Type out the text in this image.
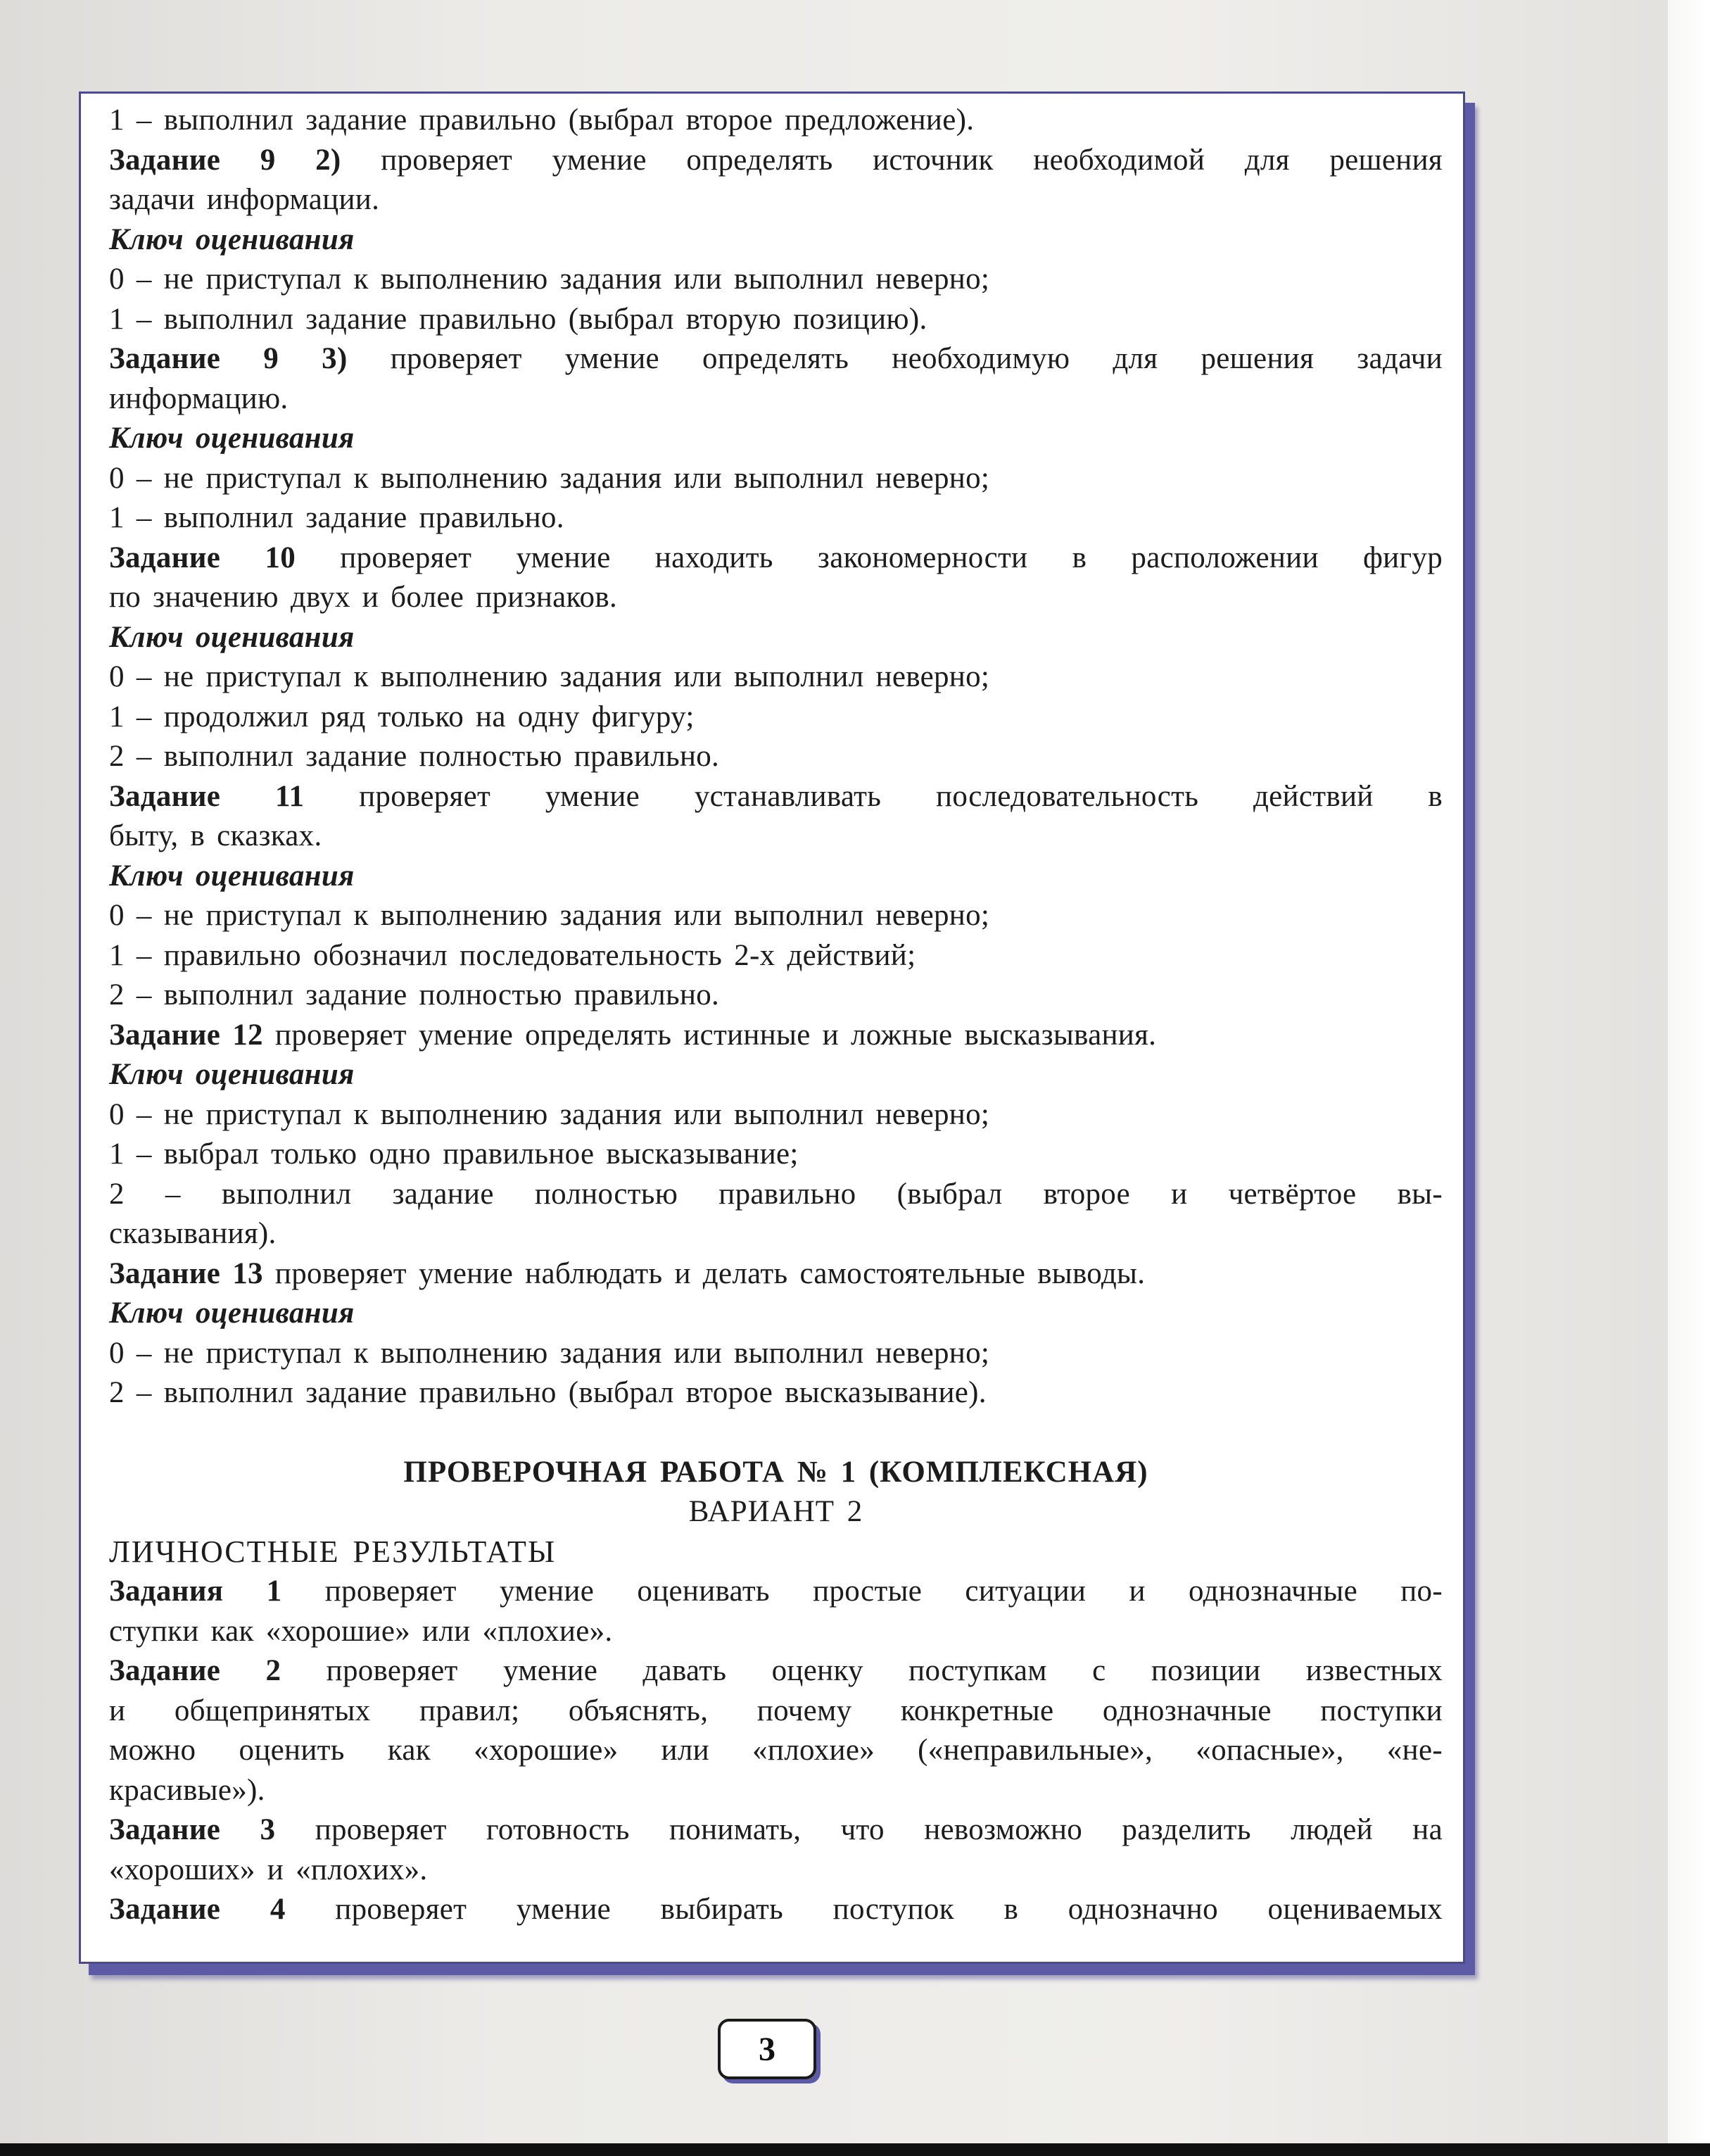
1 – выполнил задание правильно (выбрал второе предложение).

Задание 9 2) проверяет умение определять источник необходимой для решения

задачи информации.

Ключ оценивания

0 – не приступал к выполнению задания или выполнил неверно;

1 – выполнил задание правильно (выбрал вторую позицию).

Задание 9 3) проверяет умение определять необходимую для решения задачи

информацию.

Ключ оценивания

0 – не приступал к выполнению задания или выполнил неверно;

1 – выполнил задание правильно.

Задание 10 проверяет умение находить закономерности в расположении фигур

по значению двух и более признаков.

Ключ оценивания

0 – не приступал к выполнению задания или выполнил неверно;

1 – продолжил ряд только на одну фигуру;

2 – выполнил задание полностью правильно.

Задание 11 проверяет умение устанавливать последовательность действий в

быту, в сказках.

Ключ оценивания

0 – не приступал к выполнению задания или выполнил неверно;

1 – правильно обозначил последовательность 2-х действий;

2 – выполнил задание полностью правильно.

Задание 12 проверяет умение определять истинные и ложные высказывания.

Ключ оценивания

0 – не приступал к выполнению задания или выполнил неверно;

1 – выбрал только одно правильное высказывание;

2 – выполнил задание полностью правильно (выбрал второе и четвёртое вы-

сказывания).

Задание 13 проверяет умение наблюдать и делать самостоятельные выводы.

Ключ оценивания

0 – не приступал к выполнению задания или выполнил неверно;

2 – выполнил задание правильно (выбрал второе высказывание).

ПРОВЕРОЧНАЯ РАБОТА № 1 (КОМПЛЕКСНАЯ)

ВАРИАНТ 2

ЛИЧНОСТНЫЕ РЕЗУЛЬТАТЫ

Задания 1 проверяет умение оценивать простые ситуации и однозначные по-

ступки как «хорошие» или «плохие».

Задание 2 проверяет умение давать оценку поступкам с позиции известных

и общепринятых правил; объяснять, почему конкретные однозначные поступки

можно оценить как «хорошие» или «плохие» («неправильные», «опасные», «не-

красивые»).

Задание 3 проверяет готовность понимать, что невозможно разделить людей на

«хороших» и «плохих».

Задание 4 проверяет умение выбирать поступок в однозначно оцениваемых

3
